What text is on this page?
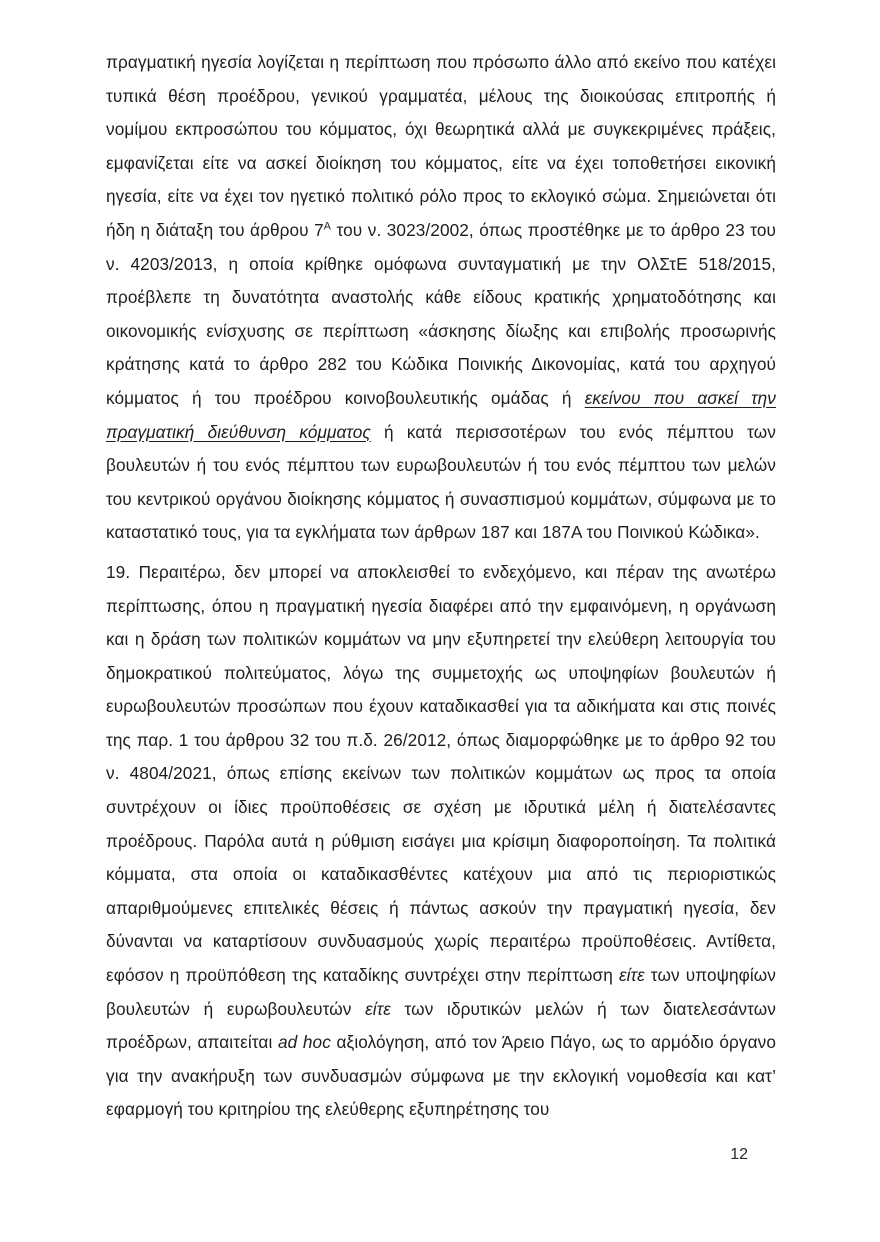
πραγματική ηγεσία λογίζεται η περίπτωση που πρόσωπο άλλο από εκείνο που κατέχει τυπικά θέση προέδρου, γενικού γραμματέα, μέλους της διοικούσας επιτροπής ή νομίμου εκπροσώπου του κόμματος, όχι θεωρητικά αλλά με συγκεκριμένες πράξεις, εμφανίζεται είτε να ασκεί διοίκηση του κόμματος, είτε να έχει τοποθετήσει εικονική ηγεσία, είτε να έχει τον ηγετικό πολιτικό ρόλο προς το εκλογικό σώμα. Σημειώνεται ότι ήδη η διάταξη του άρθρου $7^A$ του ν. 3023/2002, όπως προστέθηκε με το άρθρο 23 του ν. 4203/2013, η οποία κρίθηκε ομόφωνα συνταγματική με την ΟλΣτΕ 518/2015, προέβλεπε τη δυνατότητα αναστολής κάθε είδους κρατικής χρηματοδότησης και οικονομικής ενίσχυσης σε περίπτωση «άσκησης δίωξης και επιβολής προσωρινής κράτησης κατά το άρθρο 282 του Κώδικα Ποινικής Δικονομίας, κατά του αρχηγού κόμματος ή του προέδρου κοινοβουλευτικής ομάδας ή εκείνου που ασκεί την πραγματική διεύθυνση κόμματος ή κατά περισσοτέρων του ενός πέμπτου των βουλευτών ή του ενός πέμπτου των ευρωβουλευτών ή του ενός πέμπτου των μελών του κεντρικού οργάνου διοίκησης κόμματος ή συνασπισμού κομμάτων, σύμφωνα με το καταστατικό τους, για τα εγκλήματα των άρθρων 187 και 187Α του Ποινικού Κώδικα».

19. Περαιτέρω, δεν μπορεί να αποκλεισθεί το ενδεχόμενο, και πέραν της ανωτέρω περίπτωσης, όπου η πραγματική ηγεσία διαφέρει από την εμφαινόμενη, η οργάνωση και η δράση των πολιτικών κομμάτων να μην εξυπηρετεί την ελεύθερη λειτουργία του δημοκρατικού πολιτεύματος, λόγω της συμμετοχής ως υποψηφίων βουλευτών ή ευρωβουλευτών προσώπων που έχουν καταδικασθεί για τα αδικήματα και στις ποινές της παρ. 1 του άρθρου 32 του π.δ. 26/2012, όπως διαμορφώθηκε με το άρθρο 92 του ν. 4804/2021, όπως επίσης εκείνων των πολιτικών κομμάτων ως προς τα οποία συντρέχουν οι ίδιες προϋποθέσεις σε σχέση με ιδρυτικά μέλη ή διατελέσαντες προέδρους. Παρόλα αυτά η ρύθμιση εισάγει μια κρίσιμη διαφοροποίηση. Τα πολιτικά κόμματα, στα οποία οι καταδικασθέντες κατέχουν μια από τις περιοριστικώς απαριθμούμενες επιτελικές θέσεις ή πάντως ασκούν την πραγματική ηγεσία, δεν δύνανται να καταρτίσουν συνδυασμούς χωρίς περαιτέρω προϋποθέσεις. Αντίθετα, εφόσον η προϋπόθεση της καταδίκης συντρέχει στην περίπτωση είτε των υποψηφίων βουλευτών ή ευρωβουλευτών είτε των ιδρυτικών μελών ή των διατελεσάντων προέδρων, απαιτείται ad hoc αξιολόγηση, από τον Άρειο Πάγο, ως το αρμόδιο όργανο για την ανακήρυξη των συνδυασμών σύμφωνα με την εκλογική νομοθεσία και κατ’ εφαρμογή του κριτηρίου της ελεύθερης εξυπηρέτησης του

12
